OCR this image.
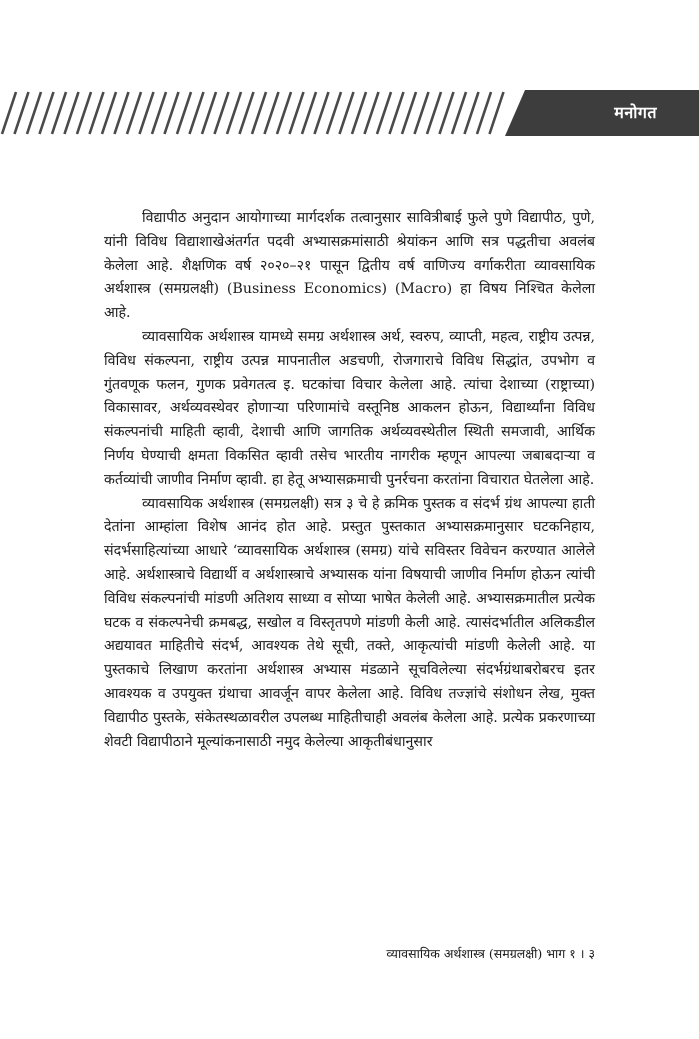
मनोगत

विद्यापीठ अनुदान आयोगाच्या मार्गदर्शक तत्वानुसार सावित्रीबाई फुले पुणे विद्यापीठ, पुणे, यांनी विविध विद्याशाखेअंतर्गत पदवी अभ्यासक्रमांसाठी श्रेयांकन आणि सत्र पद्धतीचा अवलंब केलेला आहे. शैक्षणिक वर्ष २०२०–२१ पासून द्वितीय वर्ष वाणिज्य वर्गाकरीता व्यावसायिक अर्थशास्त्र (समग्रलक्षी) (Business Economics) (Macro) हा विषय निश्चित केलेला आहे.

व्यावसायिक अर्थशास्त्र यामध्ये समग्र अर्थशास्त्र अर्थ, स्वरुप, व्याप्ती, महत्व, राष्ट्रीय उत्पन्न, विविध संकल्पना, राष्ट्रीय उत्पन्न मापनातील अडचणी, रोजगाराचे विविध सिद्धांत, उपभोग व गुंतवणूक फलन, गुणक प्रवेगतत्व इ. घटकांचा विचार केलेला आहे. त्यांचा देशाच्या (राष्ट्राच्या) विकासावर, अर्थव्यवस्थेवर होणाऱ्या परिणामांचे वस्तूनिष्ठ आकलन होऊन, विद्यार्थ्यांना विविध संकल्पनांची माहिती व्हावी, देशाची आणि जागतिक अर्थव्यवस्थेतील स्थिती समजावी, आर्थिक निर्णय घेण्याची क्षमता विकसित व्हावी तसेच भारतीय नागरीक म्हणून आपल्या जबाबदाऱ्या व कर्तव्यांची जाणीव निर्माण व्हावी. हा हेतू अभ्यासक्रमाची पुनर्रचना करतांना विचारात घेतलेला आहे.

व्यावसायिक अर्थशास्त्र (समग्रलक्षी) सत्र ३ चे हे क्रमिक पुस्तक व संदर्भ ग्रंथ आपल्या हाती देतांना आम्हांला विशेष आनंद होत आहे. प्रस्तुत पुस्तकात अभ्यासक्रमानुसार घटकनिहाय, संदर्भसाहित्यांच्या आधारे ‘व्यावसायिक अर्थशास्त्र (समग्र) यांचे सविस्तर विवेचन करण्यात आलेले आहे. अर्थशास्त्राचे विद्यार्थी व अर्थशास्त्राचे अभ्यासक यांना विषयाची जाणीव निर्माण होऊन त्यांची विविध संकल्पनांची मांडणी अतिशय साध्या व सोप्या भाषेत केलेली आहे. अभ्यासक्रमातील प्रत्येक घटक व संकल्पनेची क्रमबद्ध, सखोल व विस्तृतपणे मांडणी केली आहे. त्यासंदर्भातील अलिकडील अद्ययावत माहितीचे संदर्भ, आवश्यक तेथे सूची, तक्ते, आकृत्यांची मांडणी केलेली आहे. या पुस्तकाचे लिखाण करतांना अर्थशास्त्र अभ्यास मंडळाने सूचविलेल्या संदर्भग्रंथाबरोबरच इतर आवश्यक व उपयुक्त ग्रंथाचा आवर्जून वापर केलेला आहे. विविध तज्ज्ञांचे संशोधन लेख, मुक्त विद्यापीठ पुस्तके, संकेतस्थळावरील उपलब्ध माहितीचाही अवलंब केलेला आहे. प्रत्येक प्रकरणाच्या शेवटी विद्यापीठाने मूल्यांकनासाठी नमुद केलेल्या आकृतीबंधानुसार

व्यावसायिक अर्थशास्त्र (समग्रलक्षी) भाग १ । ३
